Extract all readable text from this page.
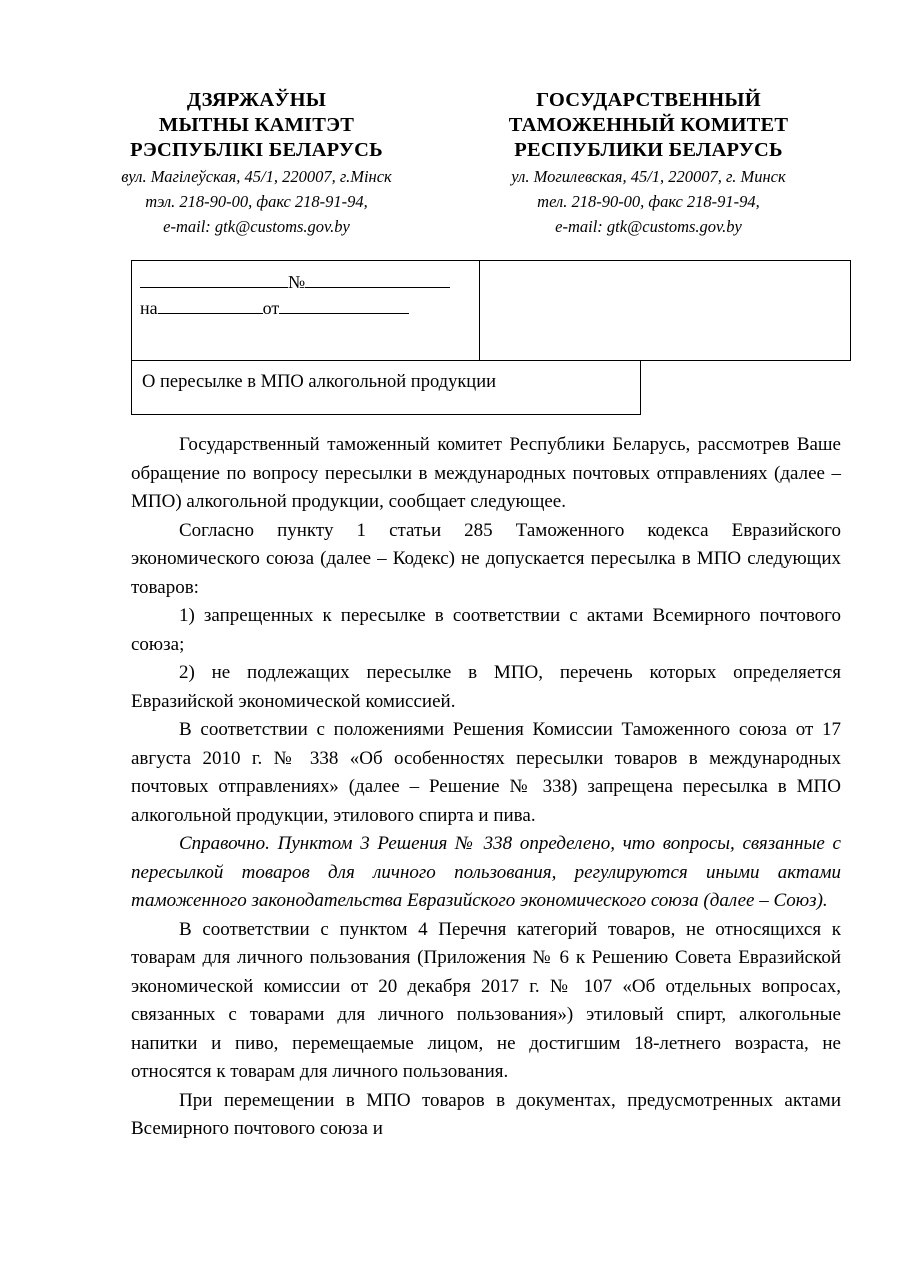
ДЗЯРЖАЎНЫ
МЫТНЫ КАМІТЭТ
РЭСПУБЛІКІ БЕЛАРУСЬ
вул. Магілеўская, 45/1, 220007, г.Мінск
тэл. 218-90-00, факс 218-91-94,
e-mail: gtk@customs.gov.by
ГОСУДАРСТВЕННЫЙ
ТАМОЖЕННЫЙ КОМИТЕТ
РЕСПУБЛИКИ БЕЛАРУСЬ
ул. Могилевская, 45/1, 220007, г. Минск
тел. 218-90-00, факс 218-91-94,
e-mail: gtk@customs.gov.by
№
на	от
О пересылке в МПО алкогольной продукции

Государственный таможенный комитет Республики Беларусь, рассмотрев Ваше обращение по вопросу пересылки в международных почтовых отправлениях (далее – МПО) алкогольной продукции, сообщает следующее.

Согласно пункту 1 статьи 285 Таможенного кодекса Евразийского экономического союза (далее – Кодекс) не допускается пересылка в МПО следующих товаров:

1) запрещенных к пересылке в соответствии с актами Всемирного почтового союза;

2) не подлежащих пересылке в МПО, перечень которых определяется Евразийской экономической комиссией.

В соответствии с положениями Решения Комиссии Таможенного союза от 17 августа 2010 г. № 338 «Об особенностях пересылки товаров в международных почтовых отправлениях» (далее – Решение № 338) запрещена пересылка в МПО алкогольной продукции, этилового спирта и пива.

Справочно. Пунктом 3 Решения № 338 определено, что вопросы, связанные с пересылкой товаров для личного пользования, регулируются иными актами таможенного законодательства Евразийского экономического союза (далее – Союз).

В соответствии с пунктом 4 Перечня категорий товаров, не относящихся к товарам для личного пользования (Приложения № 6 к Решению Совета Евразийской экономической комиссии от 20 декабря 2017 г. № 107 «Об отдельных вопросах, связанных с товарами для личного пользования») этиловый спирт, алкогольные напитки и пиво, перемещаемые лицом, не достигшим 18-летнего возраста, не относятся к товарам для личного пользования.

При перемещении в МПО товаров в документах, предусмотренных актами Всемирного почтового союза и
